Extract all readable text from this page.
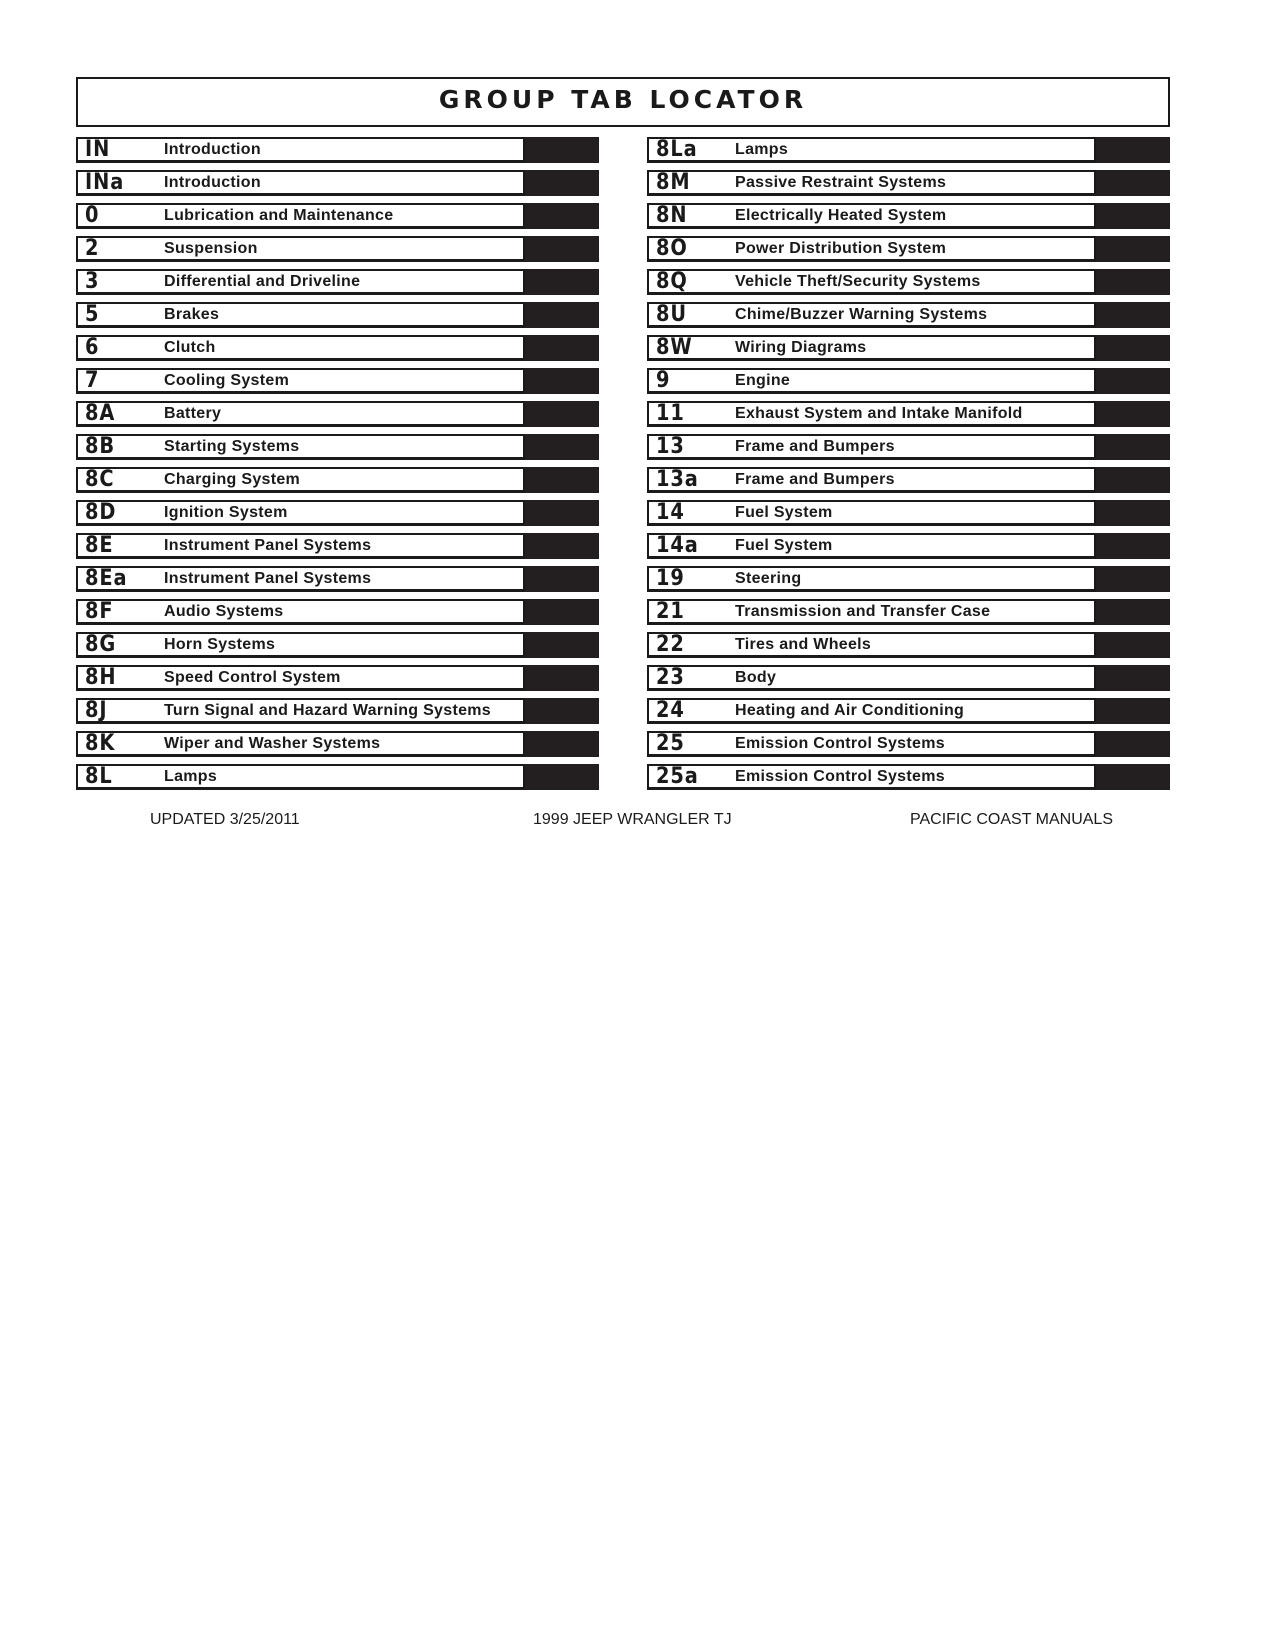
GROUP TAB LOCATOR
IN	Introduction
INa	Introduction
0	Lubrication and Maintenance
2	Suspension
3	Differential and Driveline
5	Brakes
6	Clutch
7	Cooling System
8A	Battery
8B	Starting Systems
8C	Charging System
8D	Ignition System
8E	Instrument Panel Systems
8Ea	Instrument Panel Systems
8F	Audio Systems
8G	Horn Systems
8H	Speed Control System
8J	Turn Signal and Hazard Warning Systems
8K	Wiper and Washer Systems
8L	Lamps
8La	Lamps
8M	Passive Restraint Systems
8N	Electrically Heated System
8O	Power Distribution System
8Q	Vehicle Theft/Security Systems
8U	Chime/Buzzer Warning Systems
8W	Wiring Diagrams
9	Engine
11	Exhaust System and Intake Manifold
13	Frame and Bumpers
13a	Frame and Bumpers
14	Fuel System
14a	Fuel System
19	Steering
21	Transmission and Transfer Case
22	Tires and Wheels
23	Body
24	Heating and Air Conditioning
25	Emission Control Systems
25a	Emission Control Systems
UPDATED 3/25/2011	1999 JEEP WRANGLER TJ	PACIFIC COAST MANUALS
